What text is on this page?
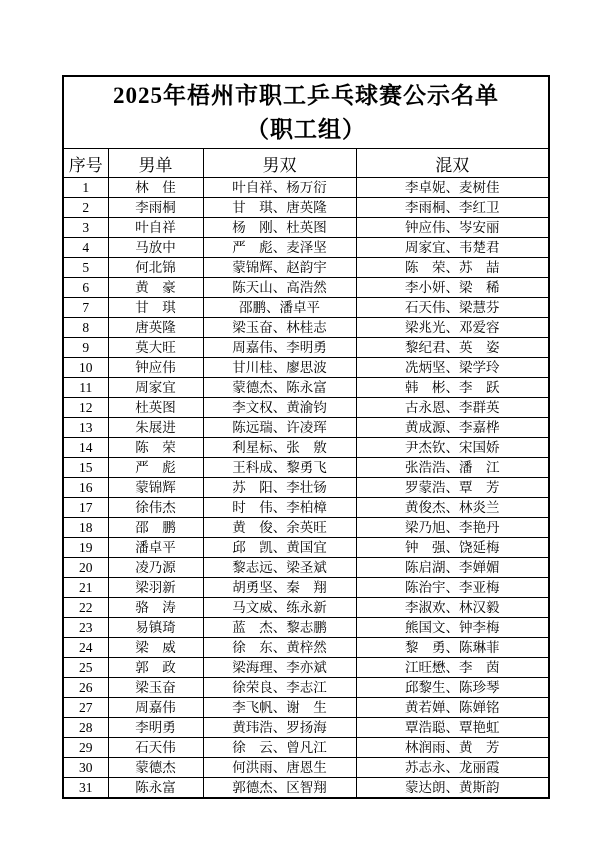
2025年梧州市职工乒乓球赛公示名单
（职工组）			

序号	男单	男双	混双
1	林　佳	叶自祥、杨万衍	李卓妮、麦树佳
2	李雨桐	甘　琪、唐英隆	李雨桐、李红卫
3	叶自祥	杨　刚、杜英图	钟应伟、岑安丽
4	马放中	严　彪、麦泽坚	周家宜、韦楚君
5	何北锦	蒙锦辉、赵韵宇	陈　荣、苏　喆
6	黄　豪	陈天山、高浩然	李小妍、梁　稀
7	甘　琪	邵鹏、潘卓平	石天伟、梁慧芬
8	唐英隆	梁玉奋、林桂志	梁兆光、邓爱容
9	莫大旺	周嘉伟、李明勇	黎纪君、英　姿
10	钟应伟	甘川桂、廖思波	冼炳坚、梁学玲
11	周家宜	蒙德杰、陈永富	韩　彬、李　跃
12	杜英图	李文权、黄渝钧	古永恩、李群英
13	朱展进	陈远瑞、许凌珲	黄成源、李嘉桦
14	陈　荣	利星标、张　敫	尹杰钦、宋国娇
15	严　彪	王科成、黎勇飞	张浩浩、潘　江
16	蒙锦辉	苏　阳、李壮钖	罗蒙浩、覃　芳
17	徐伟杰	时　伟、李柏樟	黄俊杰、林炎兰
18	邵　鹏	黄　俊、余英旺	梁乃旭、李艳丹
19	潘卓平	邱　凯、黄国宜	钟　强、饶延梅
20	凌乃源	黎志远、梁圣斌	陈启湖、李婵媚
21	梁羽新	胡勇坚、秦　翔	陈治宇、李亚梅
22	骆　涛	马文威、练永新	李淑欢、林汉毅
23	易镇琦	蓝　杰、黎志鹏	熊国文、钟李梅
24	梁　威	徐　东、黄梓然	黎　勇、陈琳菲
25	郭　政	梁海理、李亦斌	江旺懋、李　茵
26	梁玉奋	徐荣良、李志江	邱黎生、陈珍琴
27	周嘉伟	李飞帆、谢　生	黄若婵、陈婵铭
28	李明勇	黄玮浩、罗扬海	覃浩聪、覃艳虹
29	石天伟	徐　云、曾凡江	林润雨、黄　芳
30	蒙德杰	何洪雨、唐恩生	苏志永、龙丽霞
31	陈永富	郭德杰、区智翔	蒙达朗、黄斯韵
